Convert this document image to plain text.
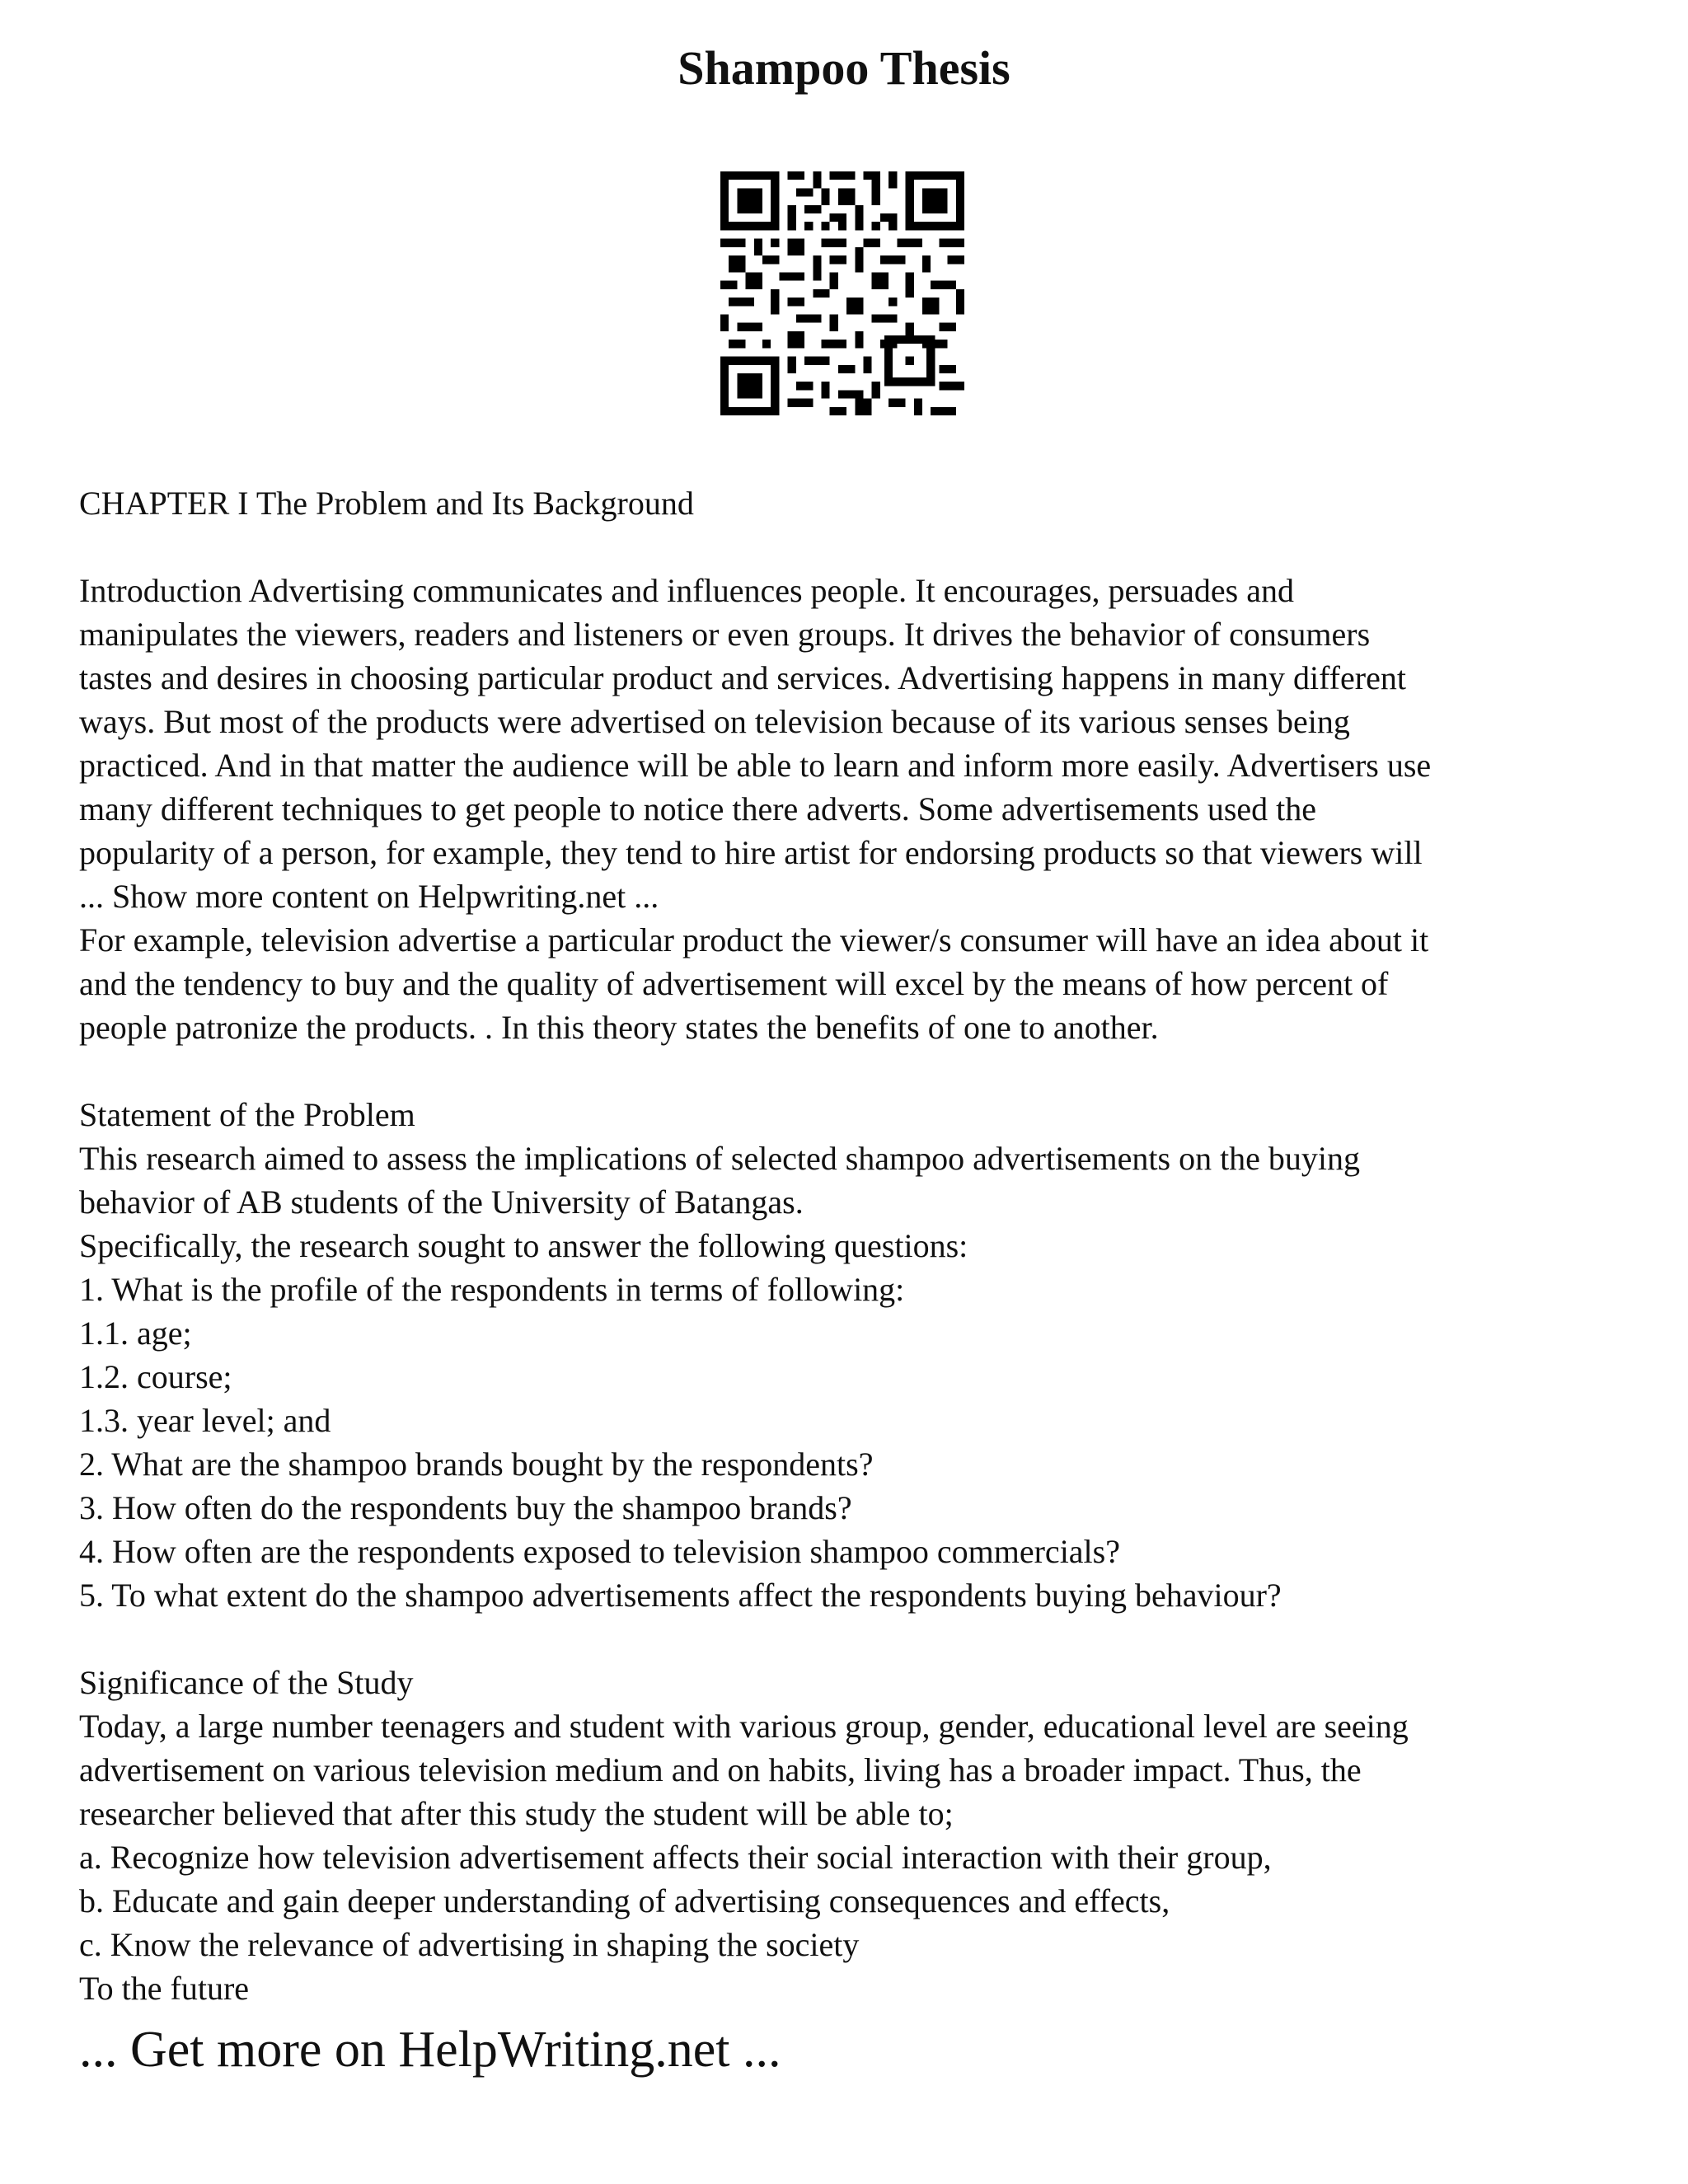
Shampoo Thesis
CHAPTER I The Problem and Its Background
Introduction Advertising communicates and influences people. It encourages, persuades and
manipulates the viewers, readers and listeners or even groups. It drives the behavior of consumers
tastes and desires in choosing particular product and services. Advertising happens in many different
ways. But most of the products were advertised on television because of its various senses being
practiced. And in that matter the audience will be able to learn and inform more easily. Advertisers use
many different techniques to get people to notice there adverts. Some advertisements used the
popularity of a person, for example, they tend to hire artist for endorsing products so that viewers will
... Show more content on Helpwriting.net ...
For example, television advertise a particular product the viewer/s consumer will have an idea about it
and the tendency to buy and the quality of advertisement will excel by the means of how percent of
people patronize the products. . In this theory states the benefits of one to another.
Statement of the Problem
This research aimed to assess the implications of selected shampoo advertisements on the buying
behavior of AB students of the University of Batangas.
Specifically, the research sought to answer the following questions:
1. What is the profile of the respondents in terms of following:
1.1. age;
1.2. course;
1.3. year level; and
2. What are the shampoo brands bought by the respondents?
3. How often do the respondents buy the shampoo brands?
4. How often are the respondents exposed to television shampoo commercials?
5. To what extent do the shampoo advertisements affect the respondents buying behaviour?
Significance of the Study
Today, a large number teenagers and student with various group, gender, educational level are seeing
advertisement on various television medium and on habits, living has a broader impact. Thus, the
researcher believed that after this study the student will be able to;
a. Recognize how television advertisement affects their social interaction with their group,
b. Educate and gain deeper understanding of advertising consequences and effects,
c. Know the relevance of advertising in shaping the society
To the future
... Get more on HelpWriting.net ...
